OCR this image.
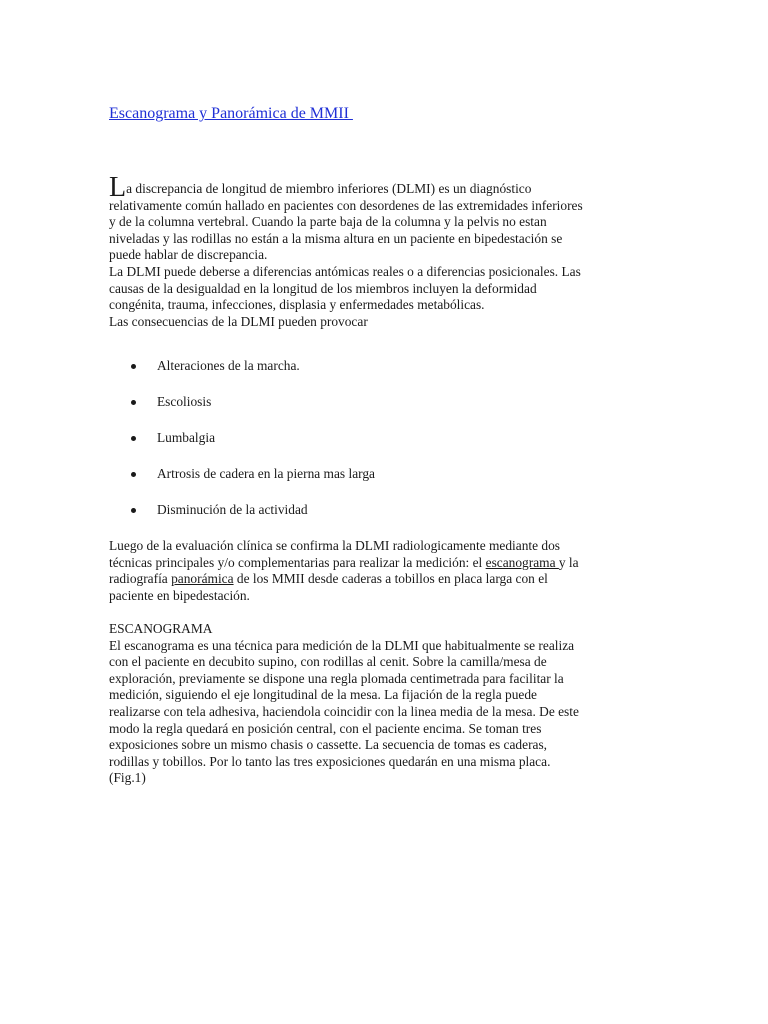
Escanograma y Panorámica de MMII
La discrepancia de longitud de miembro inferiores (DLMI) es un diagnóstico
relativamente común hallado en pacientes con desordenes de las extremidades inferiores
y de la columna vertebral. Cuando la parte baja de la columna y la pelvis no estan
niveladas y las rodillas no están a la misma altura en un paciente en bipedestación se
puede hablar de discrepancia.
La DLMI puede deberse a diferencias antómicas reales o a diferencias posicionales. Las
causas de la desigualdad en la longitud de los miembros incluyen la deformidad
congénita, trauma, infecciones, displasia y enfermedades metabólicas.
Las consecuencias de la DLMI pueden provocar
Alteraciones de la marcha.
Escoliosis
Lumbalgia
Artrosis de cadera en la pierna mas larga
Disminución de la actividad
Luego de la evaluación clínica se confirma la DLMI radiologicamente mediante dos
técnicas principales y/o complementarias para realizar la medición: el escanograma y la
radiografía panorámica de los MMII desde caderas a tobillos en placa larga con el
paciente en bipedestación.
ESCANOGRAMA
El escanograma es una técnica para medición de la DLMI que habitualmente se realiza
con el paciente en decubito supino, con rodillas al cenit. Sobre la camilla/mesa de
exploración, previamente se dispone una regla plomada centimetrada para facilitar la
medición, siguiendo el eje longitudinal de la mesa. La fijación de la regla puede
realizarse con tela adhesiva, haciendola coincidir con la linea media de la mesa. De este
modo la regla quedará en posición central, con el paciente encima. Se toman tres
exposiciones sobre un mismo chasis o cassette. La secuencia de tomas es caderas,
rodillas y tobillos. Por lo tanto las tres exposiciones quedarán en una misma placa.
(Fig.1)
